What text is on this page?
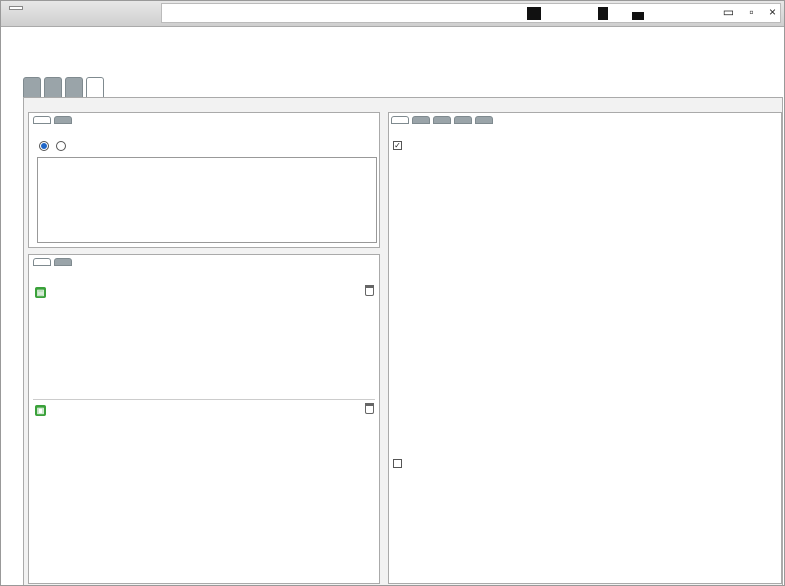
▭ ▫ ×

▤
▣
✓
